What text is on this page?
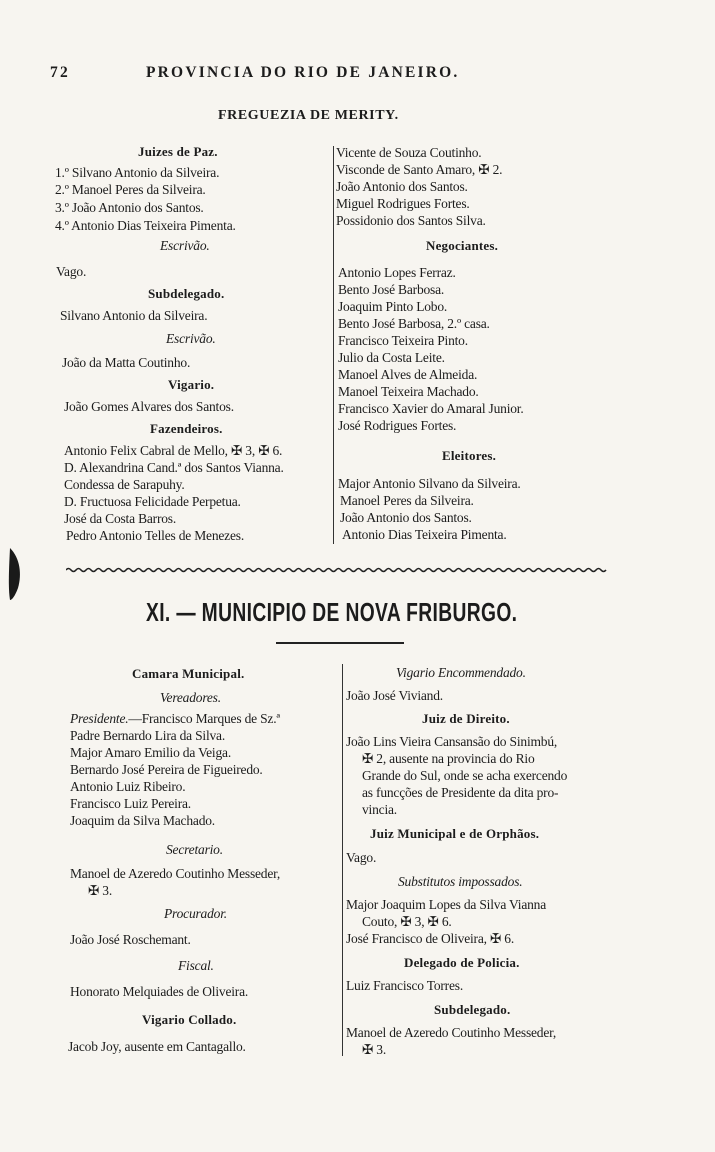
72	PROVINCIA DO RIO DE JANEIRO.
FREGUEZIA DE MERITY.
Juizes de Paz.
1.º Silvano Antonio da Silveira.
2.º Manoel Peres da Silveira.
3.º João Antonio dos Santos.
4.º Antonio Dias Teixeira Pimenta.
Escrivão.
Vago.
Subdelegado.
Silvano Antonio da Silveira.
Escrivão.
João da Matta Coutinho.
Vigario.
João Gomes Alvares dos Santos.
Fazendeiros.
Antonio Felix Cabral de Mello, ✠ 3, ✠ 6.
D. Alexandrina Cand.ª dos Santos Vianna.
Condessa de Sarapuhy.
D. Fructuosa Felicidade Perpetua.
José da Costa Barros.
Pedro Antonio Telles de Menezes.
Vicente de Souza Coutinho.
Visconde de Santo Amaro, ✠ 2.
João Antonio dos Santos.
Miguel Rodrigues Fortes.
Possidonio dos Santos Silva.
Negociantes.
Antonio Lopes Ferraz.
Bento José Barbosa.
Joaquim Pinto Lobo.
Bento José Barbosa, 2.º casa.
Francisco Teixeira Pinto.
Julio da Costa Leite.
Manoel Alves de Almeida.
Manoel Teixeira Machado.
Francisco Xavier do Amaral Junior.
José Rodrigues Fortes.
Eleitores.
Major Antonio Silvano da Silveira.
Manoel Peres da Silveira.
João Antonio dos Santos.
Antonio Dias Teixeira Pimenta.
XI. — MUNICIPIO DE NOVA FRIBURGO.
Camara Municipal.
Vereadores.
Presidente.—Francisco Marques de Sz.ª
Padre Bernardo Lira da Silva.
Major Amaro Emilio da Veiga.
Bernardo José Pereira de Figueiredo.
Antonio Luiz Ribeiro.
Francisco Luiz Pereira.
Joaquim da Silva Machado.
Secretario.
Manoel de Azeredo Coutinho Messeder,
✠ 3.
Procurador.
João José Roschemant.
Fiscal.
Honorato Melquiades de Oliveira.
Vigario Collado.
Jacob Joy, ausente em Cantagallo.
Vigario Encommendado.
João José Viviand.
Juiz de Direito.
João Lins Vieira Cansansão do Sinimbú,
✠ 2, ausente na provincia do Rio
Grande do Sul, onde se acha exercendo
as funcções de Presidente da dita pro-
vincia.
Juiz Municipal e de Orphãos.
Vago.
Substitutos impossados.
Major Joaquim Lopes da Silva Vianna
Couto, ✠ 3, ✠ 6.
José Francisco de Oliveira, ✠ 6.
Delegado de Policia.
Luiz Francisco Torres.
Subdelegado.
Manoel de Azeredo Coutinho Messeder,
✠ 3.
